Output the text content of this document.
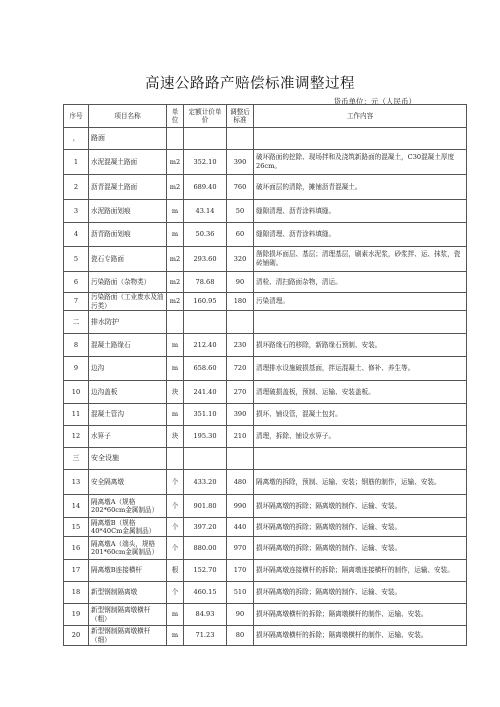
高速公路路产赔偿标准调整过程
货币单位：元（人民币）
序号	项目名称	单位	定额计价单价	调整后标准	工作内容
，	路面				
1	水泥混凝土路面	m2	352.10	390	破坏路面的挖除、现场拌和及浇筑新路面的混凝土，C30混凝土厚度26cm。
2	沥青混凝土路面	m2	689.40	760	破坏面层的清除，摊铺沥青混凝土。
3	水泥路面划痕	m	43.14	50	缝隙清理、沥青涂料填缝。
4	沥青路面划痕	m	50.36	60	缝隙清理、沥青涂料填缝。
5	瓷石专路面	m2	293.60	320	凿除损坏面层、基层；清理基层，刷素水泥浆，砂浆拌、运、抹浆，瓷砖铺砌。
6	污染路面（杂物类）	m2	78.68	90	清检、清扫路面杂物，清运。
7	污染路面（工业废水及油污类）	m2	160.95	180	污染清理。
二	排水防护				
8	混凝土路缘石	m	212.40	230	损坏路缘石的移除，新路缘石预制、安装。
9	边沟	m	658.60	720	清理排水设施破损基面，拌运混凝土、修补、养生等。
10	边沟盖板	块	241.40	270	清理破损盖板，预制、运输、安装盖板。
11	混凝土管沟	m	351.10	390	损坏、铺设管，混凝土包封。
12	水箅子	块	195.30	210	清理，拆除、铺设水箅子。
三	安全设施				
13	安全隔离墩	个	433.20	480	隔离墩的拆除，预制、运输、安装；钢筋的制作，运输、安装。
14	隔离墩A（规格202*60cm金属制品）	个	901.80	990	损坏隔离墩的拆除；隔离墩的制作、运输、安装。
15	隔离墩B（规格40*40Cm金属制品）	个	397.20	440	损坏隔离墩的拆除；隔离墩的制作、运输、安装。
16	隔离墩A（端头，规格201*60cm金属制品）	个	880.00	970	损坏隔离墩的拆除；隔离墩的制作、运输、安装。
17	隔离墩B连接横杆	根	152.70	170	损坏隔离墩连接横杆的拆除；隔离墩连接横杆的制作，运输、安装。
18	新型钢制隔离墩	个	460.15	510	损坏隔离墩的拆除；隔离墩的制作、运输、安装。
19	新型钢制隔离墩横杆（粗）	m	84.93	90	损坏隔离墩横杆的拆除；隔离墩横杆的制作、运输、安装。
20	新型钢制隔离墩横杆（细）	m	71.23	80	损坏隔离墩横杆的拆除；隔离墩横杆的制作、运输、安装。
